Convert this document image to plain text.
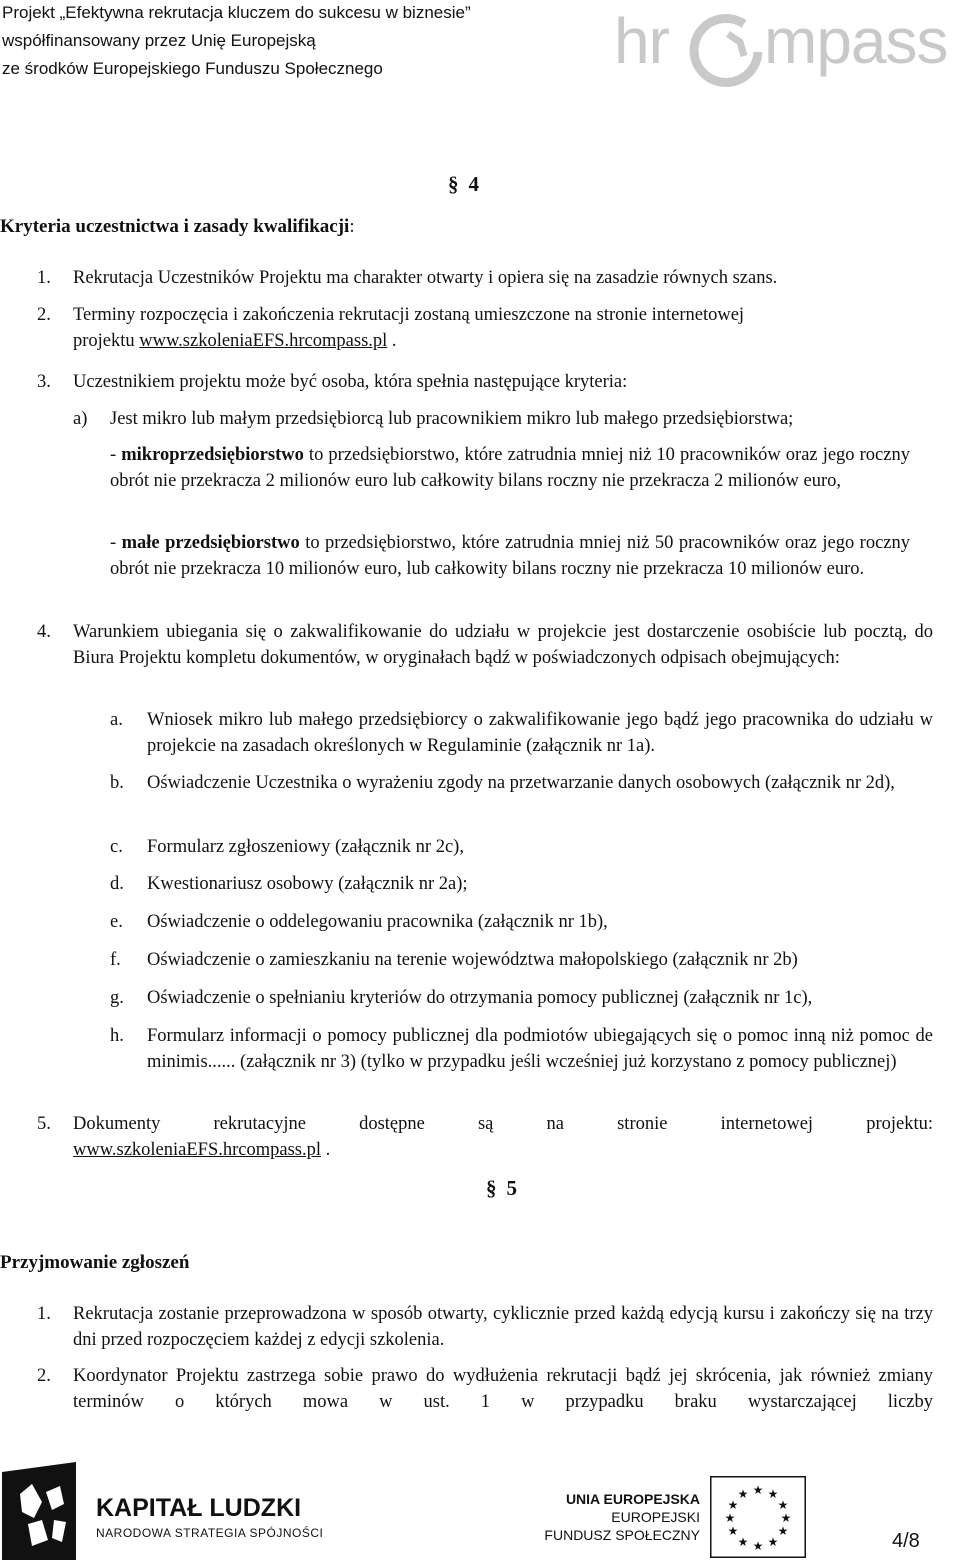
Projekt „Efektywna rekrutacja kluczem do sukcesu w biznesie”
współfinansowany przez Unię Europejską
ze środków Europejskiego Funduszu Społecznego	hr mpass
§ 4
Kryteria uczestnictwa i zasady kwalifikacji:
1. Rekrutacja Uczestników Projektu ma charakter otwarty i opiera się na zasadzie równych szans.
2. Terminy rozpoczęcia i zakończenia rekrutacji zostaną umieszczone na stronie internetowej
projektu www.szkoleniaEFS.hrcompass.pl .
3. Uczestnikiem projektu może być osoba, która spełnia następujące kryteria:
a) Jest mikro lub małym przedsiębiorcą lub pracownikiem mikro lub małego przedsiębiorstwa;
- mikroprzedsiębiorstwo to przedsiębiorstwo, które zatrudnia mniej niż 10 pracowników oraz jego roczny obrót nie przekracza 2 milionów euro lub całkowity bilans roczny nie przekracza 2 milionów euro,
- małe przedsiębiorstwo to przedsiębiorstwo, które zatrudnia mniej niż 50 pracowników oraz jego roczny obrót nie przekracza 10 milionów euro, lub całkowity bilans roczny nie przekracza 10 milionów euro.
4. Warunkiem ubiegania się o zakwalifikowanie do udziału w projekcie jest dostarczenie osobiście lub pocztą, do Biura Projektu kompletu dokumentów, w oryginałach bądź w poświadczonych odpisach obejmujących:
a. Wniosek mikro lub małego przedsiębiorcy o zakwalifikowanie jego bądź jego pracownika do udziału w projekcie na zasadach określonych w Regulaminie (załącznik nr 1a).
b. Oświadczenie Uczestnika o wyrażeniu zgody na przetwarzanie danych osobowych (załącznik nr 2d),
c. Formularz zgłoszeniowy (załącznik nr 2c),
d. Kwestionariusz osobowy (załącznik nr 2a);
e. Oświadczenie o oddelegowaniu pracownika (załącznik nr 1b),
f. Oświadczenie o zamieszkaniu na terenie województwa małopolskiego (załącznik nr 2b)
g. Oświadczenie o spełnianiu kryteriów do otrzymania pomocy publicznej (załącznik nr 1c),
h. Formularz informacji o pomocy publicznej dla podmiotów ubiegających się o pomoc inną niż pomoc de minimis...... (załącznik nr 3) (tylko w przypadku jeśli wcześniej już korzystano z pomocy publicznej)
5. Dokumenty rekrutacyjne dostępne są na stronie internetowej projektu:
www.szkoleniaEFS.hrcompass.pl .
§ 5
Przyjmowanie zgłoszeń
1. Rekrutacja zostanie przeprowadzona w sposób otwarty, cyklicznie przed każdą edycją kursu i zakończy się na trzy dni przed rozpoczęciem każdej z edycji szkolenia.
2. Koordynator Projektu zastrzega sobie prawo do wydłużenia rekrutacji bądź jej skrócenia, jak również zmiany terminów o których mowa w ust. 1 w przypadku braku wystarczającej liczby
KAPITAŁ LUDZKI
NARODOWA STRATEGIA SPÓJNOŚCI
UNIA EUROPEJSKA
EUROPEJSKI
FUNDUSZ SPOŁECZNY
★ ★
★
★
★
★
★
★
★
★
★
★
4/8
